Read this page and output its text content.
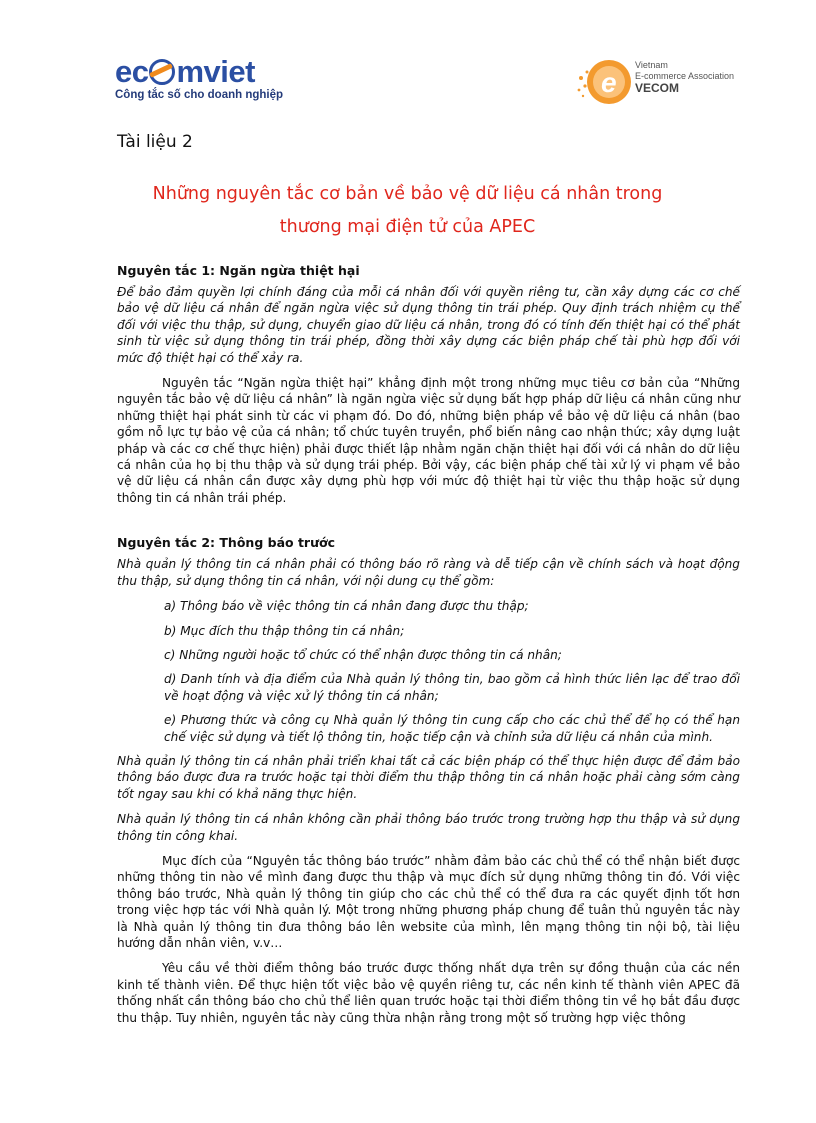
ec mviet
Công tắc số cho doanh nghiệp	e
Vietnam
E-commerce Association
VECOM
Tài liệu 2
Những nguyên tắc cơ bản về bảo vệ dữ liệu cá nhân trong
thương mại điện tử của APEC

Nguyên tắc 1: Ngăn ngừa thiệt hại

Để bảo đảm quyền lợi chính đáng của mỗi cá nhân đối với quyền riêng tư, cần xây dựng các cơ chế bảo vệ dữ liệu cá nhân để ngăn ngừa việc sử dụng thông tin trái phép. Quy định trách nhiệm cụ thể đối với việc thu thập, sử dụng, chuyển giao dữ liệu cá nhân, trong đó có tính đến thiệt hại có thể phát sinh từ việc sử dụng thông tin trái phép, đồng thời xây dựng các biện pháp chế tài phù hợp đối với mức độ thiệt hại có thể xảy ra.

Nguyên tắc “Ngăn ngừa thiệt hại” khẳng định một trong những mục tiêu cơ bản của “Những nguyên tắc bảo vệ dữ liệu cá nhân” là ngăn ngừa việc sử dụng bất hợp pháp dữ liệu cá nhân cũng như những thiệt hại phát sinh từ các vi phạm đó. Do đó, những biện pháp về bảo vệ dữ liệu cá nhân (bao gồm nỗ lực tự bảo vệ của cá nhân; tổ chức tuyên truyền, phổ biến nâng cao nhận thức; xây dựng luật pháp và các cơ chế thực hiện) phải được thiết lập nhằm ngăn chặn thiệt hại đối với cá nhân do dữ liệu cá nhân của họ bị thu thập và sử dụng trái phép. Bởi vậy, các biện pháp chế tài xử lý vi phạm về bảo vệ dữ liệu cá nhân cần được xây dựng phù hợp với mức độ thiệt hại từ việc thu thập hoặc sử dụng thông tin cá nhân trái phép.

Nguyên tắc 2: Thông báo trước

Nhà quản lý thông tin cá nhân phải có thông báo rõ ràng và dễ tiếp cận về chính sách và hoạt động thu thập, sử dụng thông tin cá nhân, với nội dung cụ thể gồm:

a) Thông báo về việc thông tin cá nhân đang được thu thập;

b) Mục đích thu thập thông tin cá nhân;

c) Những người hoặc tổ chức có thể nhận được thông tin cá nhân;

d) Danh tính và địa điểm của Nhà quản lý thông tin, bao gồm cả hình thức liên lạc để trao đổi về hoạt động và việc xử lý thông tin cá nhân;

e) Phương thức và công cụ Nhà quản lý thông tin cung cấp cho các chủ thể để họ có thể hạn chế việc sử dụng và tiết lộ thông tin, hoặc tiếp cận và chỉnh sửa dữ liệu cá nhân của mình.

Nhà quản lý thông tin cá nhân phải triển khai tất cả các biện pháp có thể thực hiện được để đảm bảo thông báo được đưa ra trước hoặc tại thời điểm thu thập thông tin cá nhân hoặc phải càng sớm càng tốt ngay sau khi có khả năng thực hiện.

Nhà quản lý thông tin cá nhân không cần phải thông báo trước trong trường hợp thu thập và sử dụng thông tin công khai.

Mục đích của “Nguyên tắc thông báo trước” nhằm đảm bảo các chủ thể có thể nhận biết được những thông tin nào về mình đang được thu thập và mục đích sử dụng những thông tin đó. Với việc thông báo trước, Nhà quản lý thông tin giúp cho các chủ thể có thể đưa ra các quyết định tốt hơn trong việc hợp tác với Nhà quản lý. Một trong những phương pháp chung để tuân thủ nguyên tắc này là Nhà quản lý thông tin đưa thông báo lên website của mình, lên mạng thông tin nội bộ, tài liệu hướng dẫn nhân viên, v.v…

Yêu cầu về thời điểm thông báo trước được thống nhất dựa trên sự đồng thuận của các nền kinh tế thành viên. Để thực hiện tốt việc bảo vệ quyền riêng tư, các nền kinh tế thành viên APEC đã thống nhất cần thông báo cho chủ thể liên quan trước hoặc tại thời điểm thông tin về họ bắt đầu được thu thập. Tuy nhiên, nguyên tắc này cũng thừa nhận rằng trong một số trường hợp việc thông
